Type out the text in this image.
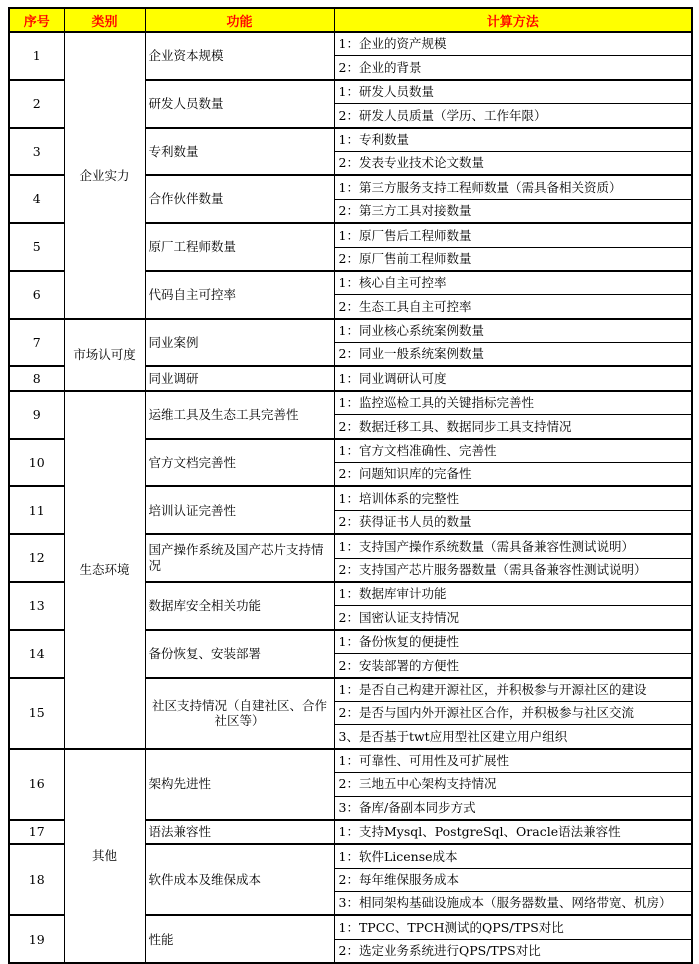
序号	类别	功能	计算方法
1	企业实力	企业资本规模	1：企业的资产规模
			2：企业的背景
2		研发人员数量	1：研发人员数量
			2：研发人员质量（学历、工作年限）
3		专利数量	1：专利数量
			2：发表专业技术论文数量
4		合作伙伴数量	1：第三方服务支持工程师数量（需具备相关资质）
			2：第三方工具对接数量
5		原厂工程师数量	1：原厂售后工程师数量
			2：原厂售前工程师数量
6		代码自主可控率	1：核心自主可控率
			2：生态工具自主可控率
7	市场认可度	同业案例	1：同业核心系统案例数量
			2：同业一般系统案例数量
8		同业调研	1：同业调研认可度
9	生态环境	运维工具及生态工具完善性	1：监控巡检工具的关键指标完善性
			2：数据迁移工具、数据同步工具支持情况
10		官方文档完善性	1：官方文档准确性、完善性
			2：问题知识库的完备性
11		培训认证完善性	1：培训体系的完整性
			2：获得证书人员的数量
12		国产操作系统及国产芯片支持情况	1：支持国产操作系统数量（需具备兼容性测试说明）
			2：支持国产芯片服务器数量（需具备兼容性测试说明）
13		数据库安全相关功能	1：数据库审计功能
			2：国密认证支持情况
14		备份恢复、安装部署	1：备份恢复的便捷性
			2：安装部署的方便性
15		社区支持情况（自建社区、合作社区等）	1：是否自己构建开源社区，并积极参与开源社区的建设
			2：是否与国内外开源社区合作，并积极参与社区交流
			3、是否基于twt应用型社区建立用户组织
16	其他	架构先进性	1：可靠性、可用性及可扩展性
			2：三地五中心架构支持情况
			3：备库/备副本同步方式
17		语法兼容性	1：支持Mysql、PostgreSql、Oracle语法兼容性
18		软件成本及维保成本	1：软件License成本
			2：每年维保服务成本
			3：相同架构基础设施成本（服务器数量、网络带宽、机房）
19		性能	1：TPCC、TPCH测试的QPS/TPS对比
			2：选定业务系统进行QPS/TPS对比
